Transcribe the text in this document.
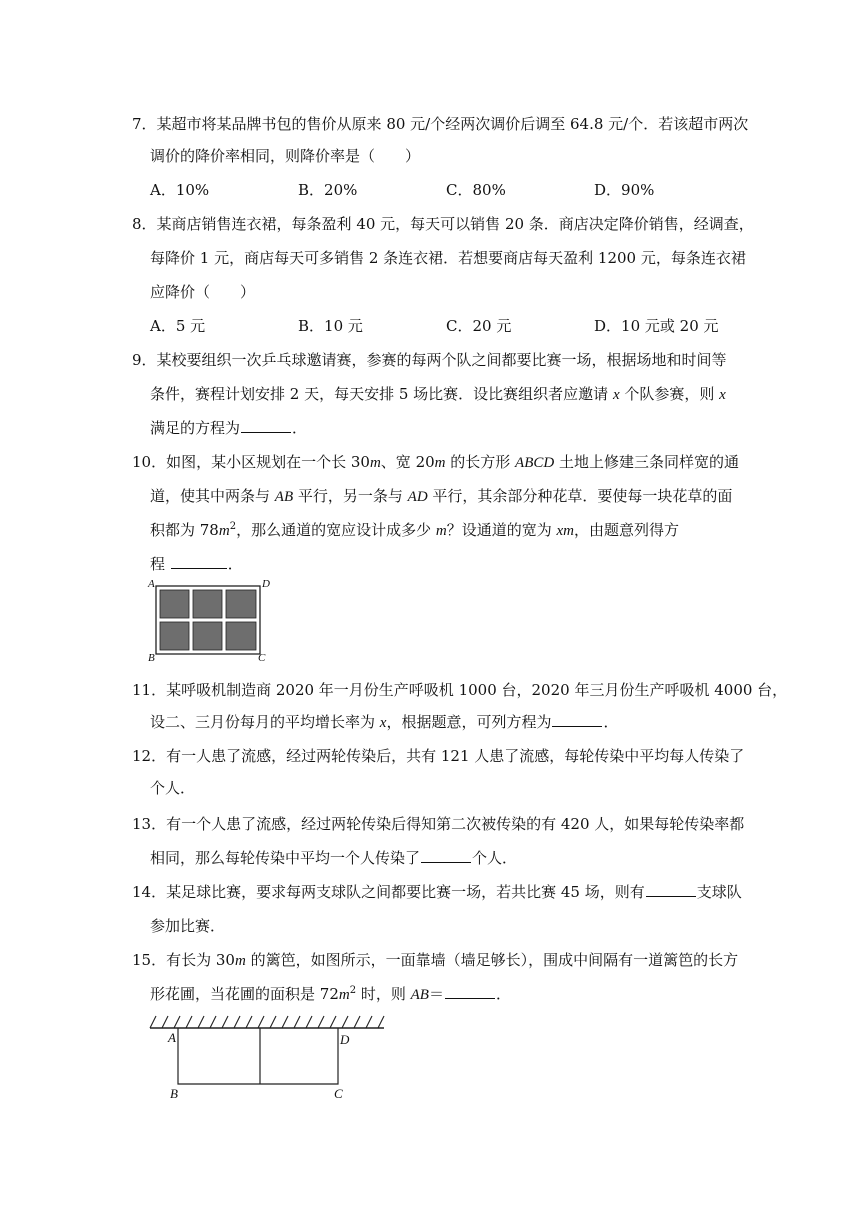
7．某超市将某品牌书包的售价从原来 80 元/个经两次调价后调至 64.8 元/个．若该超市两次
调价的降价率相同，则降价率是（　　）
A．10%	B．20%	C．80%	D．90%
8．某商店销售连衣裙，每条盈利 40 元，每天可以销售 20 条．商店决定降价销售，经调查，
每降价 1 元，商店每天可多销售 2 条连衣裙．若想要商店每天盈利 1200 元，每条连衣裙
应降价（　　）
A．5 元	B．10 元	C．20 元	D．10 元或 20 元
9．某校要组织一次乒乓球邀请赛，参赛的每两个队之间都要比赛一场，根据场地和时间等
条件，赛程计划安排 2 天，每天安排 5 场比赛．设比赛组织者应邀请 x 个队参赛，则 x
满足的方程为	．
10．如图，某小区规划在一个长 30m、宽 20m 的长方形 ABCD 土地上修建三条同样宽的通
道，使其中两条与 AB 平行，另一条与 AD 平行，其余部分种花草．要使每一块花草的面
积都为 $78m^2$，那么通道的宽应设计成多少 m？设通道的宽为 xm，由题意列得方
程	．
A	D
B	C
11．某呼吸机制造商 2020 年一月份生产呼吸机 1000 台，2020 年三月份生产呼吸机 4000 台，
设二、三月份每月的平均增长率为 x，根据题意，可列方程为	．
12．有一人患了流感，经过两轮传染后，共有 121 人患了流感，每轮传染中平均每人传染了
个人．
13．有一个人患了流感，经过两轮传染后得知第二次被传染的有 420 人，如果每轮传染率都
相同，那么每轮传染中平均一个人传染了	个人．
14．某足球比赛，要求每两支球队之间都要比赛一场，若共比赛 45 场，则有	支球队
参加比赛．
15．有长为 30m 的篱笆，如图所示，一面靠墙（墙足够长），围成中间隔有一道篱笆的长方
形花圃，当花圃的面积是 $72m^2$ 时，则 AB＝	．
A	D
B	C
